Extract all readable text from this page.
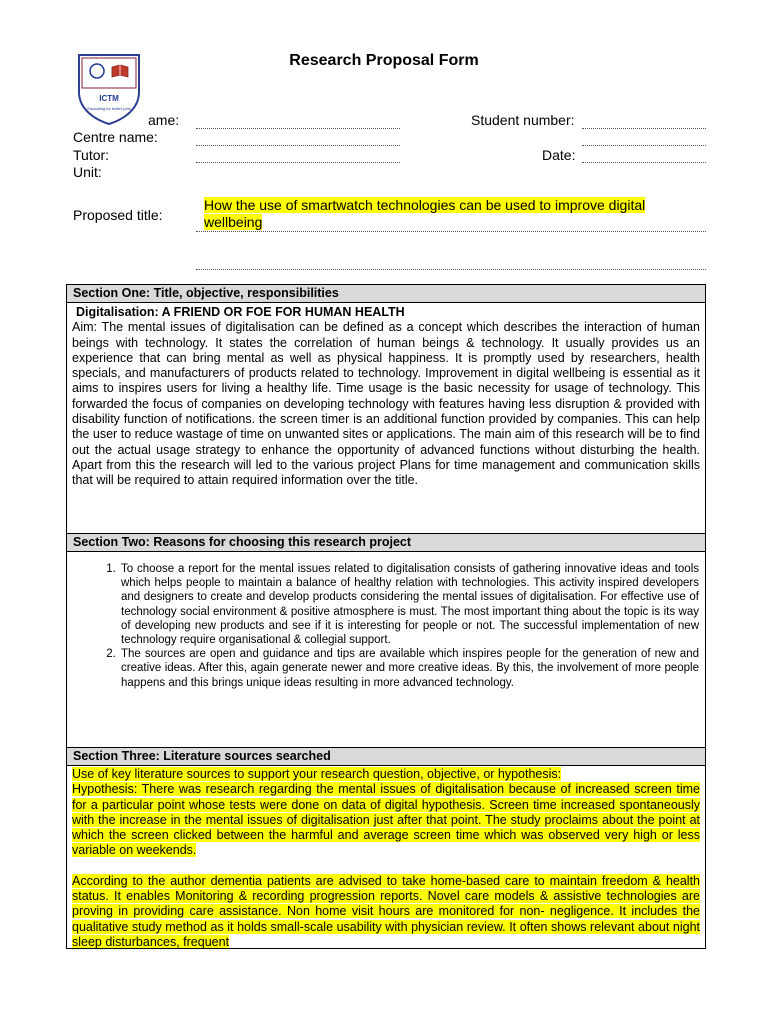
ICTM
Educating for better jobs
Research Proposal Form
ame:
Centre name:
Tutor:
Unit:
Student number:
Date:
Proposed title:
How the use of smartwatch technologies can be used to improve digital wellbeing
Section One: Title, objective, responsibilities
Digitalisation: A FRIEND OR FOE FOR HUMAN HEALTH
Aim: The mental issues of digitalisation can be defined as a concept which describes the interaction of human beings with technology. It states the correlation of human beings & technology. It usually provides us an experience that can bring mental as well as physical happiness. It is promptly used by researchers, health specials, and manufacturers of products related to technology. Improvement in digital wellbeing is essential as it aims to inspires users for living a healthy life. Time usage is the basic necessity for usage of technology. This forwarded the focus of companies on developing technology with features having less disruption & provided with disability function of notifications. the screen timer is an additional function provided by companies. This can help the user to reduce wastage of time on unwanted sites or applications. The main aim of this research will be to find out the actual usage strategy to enhance the opportunity of advanced functions without disturbing the health. Apart from this the research will led to the various project Plans for time management and communication skills that will be required to attain required information over the title.
Section Two: Reasons for choosing this research project
1. To choose a report for the mental issues related to digitalisation consists of gathering innovative ideas and tools which helps people to maintain a balance of healthy relation with technologies. This activity inspired developers and designers to create and develop products considering the mental issues of digitalisation. For effective use of technology social environment & positive atmosphere is must. The most important thing about the topic is its way of developing new products and see if it is interesting for people or not. The successful implementation of new technology require organisational & collegial support.
2. The sources are open and guidance and tips are available which inspires people for the generation of new and creative ideas. After this, again generate newer and more creative ideas. By this, the involvement of more people happens and this brings unique ideas resulting in more advanced technology.
Section Three: Literature sources searched

Use of key literature sources to support your research question, objective, or hypothesis:
Hypothesis: There was research regarding the mental issues of digitalisation because of increased screen time for a particular point whose tests were done on data of digital hypothesis. Screen time increased spontaneously with the increase in the mental issues of digitalisation just after that point. The study proclaims about the point at which the screen clicked between the harmful and average screen time which was observed very high or less variable on weekends.

According to the author dementia patients are advised to take home-based care to maintain freedom & health status. It enables Monitoring & recording progression reports. Novel care models & assistive technologies are proving in providing care assistance. Non home visit hours are monitored for non- negligence. It includes the qualitative study method as it holds small-scale usability with physician review. It often shows relevant about night sleep disturbances, frequent
